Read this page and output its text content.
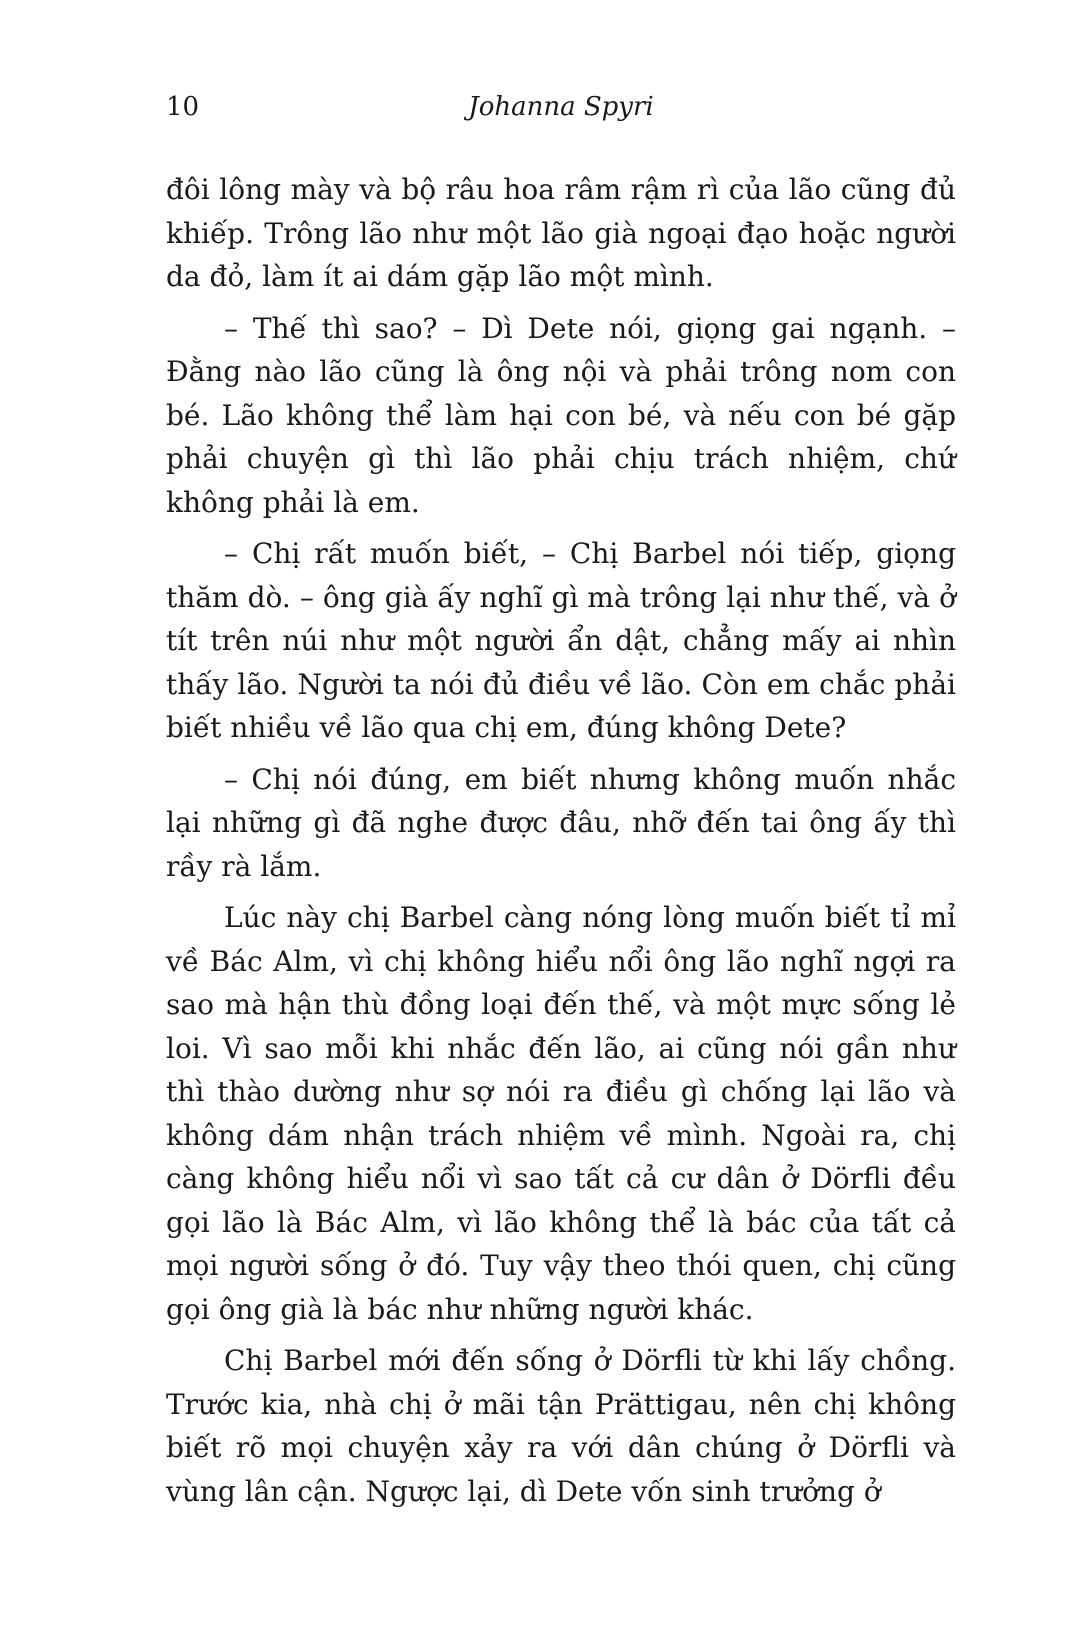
10	Johanna Spyri

đôi lông mày và bộ râu hoa râm rậm rì của lão cũng đủ khiếp. Trông lão như một lão già ngoại đạo hoặc người da đỏ, làm ít ai dám gặp lão một mình.

– Thế thì sao? – Dì Dete nói, giọng gai ngạnh. – Đằng nào lão cũng là ông nội và phải trông nom con bé. Lão không thể làm hại con bé, và nếu con bé gặp phải chuyện gì thì lão phải chịu trách nhiệm, chứ không phải là em.

– Chị rất muốn biết, – Chị Barbel nói tiếp, giọng thăm dò. – ông già ấy nghĩ gì mà trông lại như thế, và ở tít trên núi như một người ẩn dật, chẳng mấy ai nhìn thấy lão. Người ta nói đủ điều về lão. Còn em chắc phải biết nhiều về lão qua chị em, đúng không Dete?

– Chị nói đúng, em biết nhưng không muốn nhắc lại những gì đã nghe được đâu, nhỡ đến tai ông ấy thì rầy rà lắm.

Lúc này chị Barbel càng nóng lòng muốn biết tỉ mỉ về Bác Alm, vì chị không hiểu nổi ông lão nghĩ ngợi ra sao mà hận thù đồng loại đến thế, và một mực sống lẻ loi. Vì sao mỗi khi nhắc đến lão, ai cũng nói gần như thì thào dường như sợ nói ra điều gì chống lại lão và không dám nhận trách nhiệm về mình. Ngoài ra, chị càng không hiểu nổi vì sao tất cả cư dân ở Dörfli đều gọi lão là Bác Alm, vì lão không thể là bác của tất cả mọi người sống ở đó. Tuy vậy theo thói quen, chị cũng gọi ông già là bác như những người khác.

Chị Barbel mới đến sống ở Dörfli từ khi lấy chồng. Trước kia, nhà chị ở mãi tận Prättigau, nên chị không biết rõ mọi chuyện xảy ra với dân chúng ở Dörfli và vùng lân cận. Ngược lại, dì Dete vốn sinh trưởng ở
